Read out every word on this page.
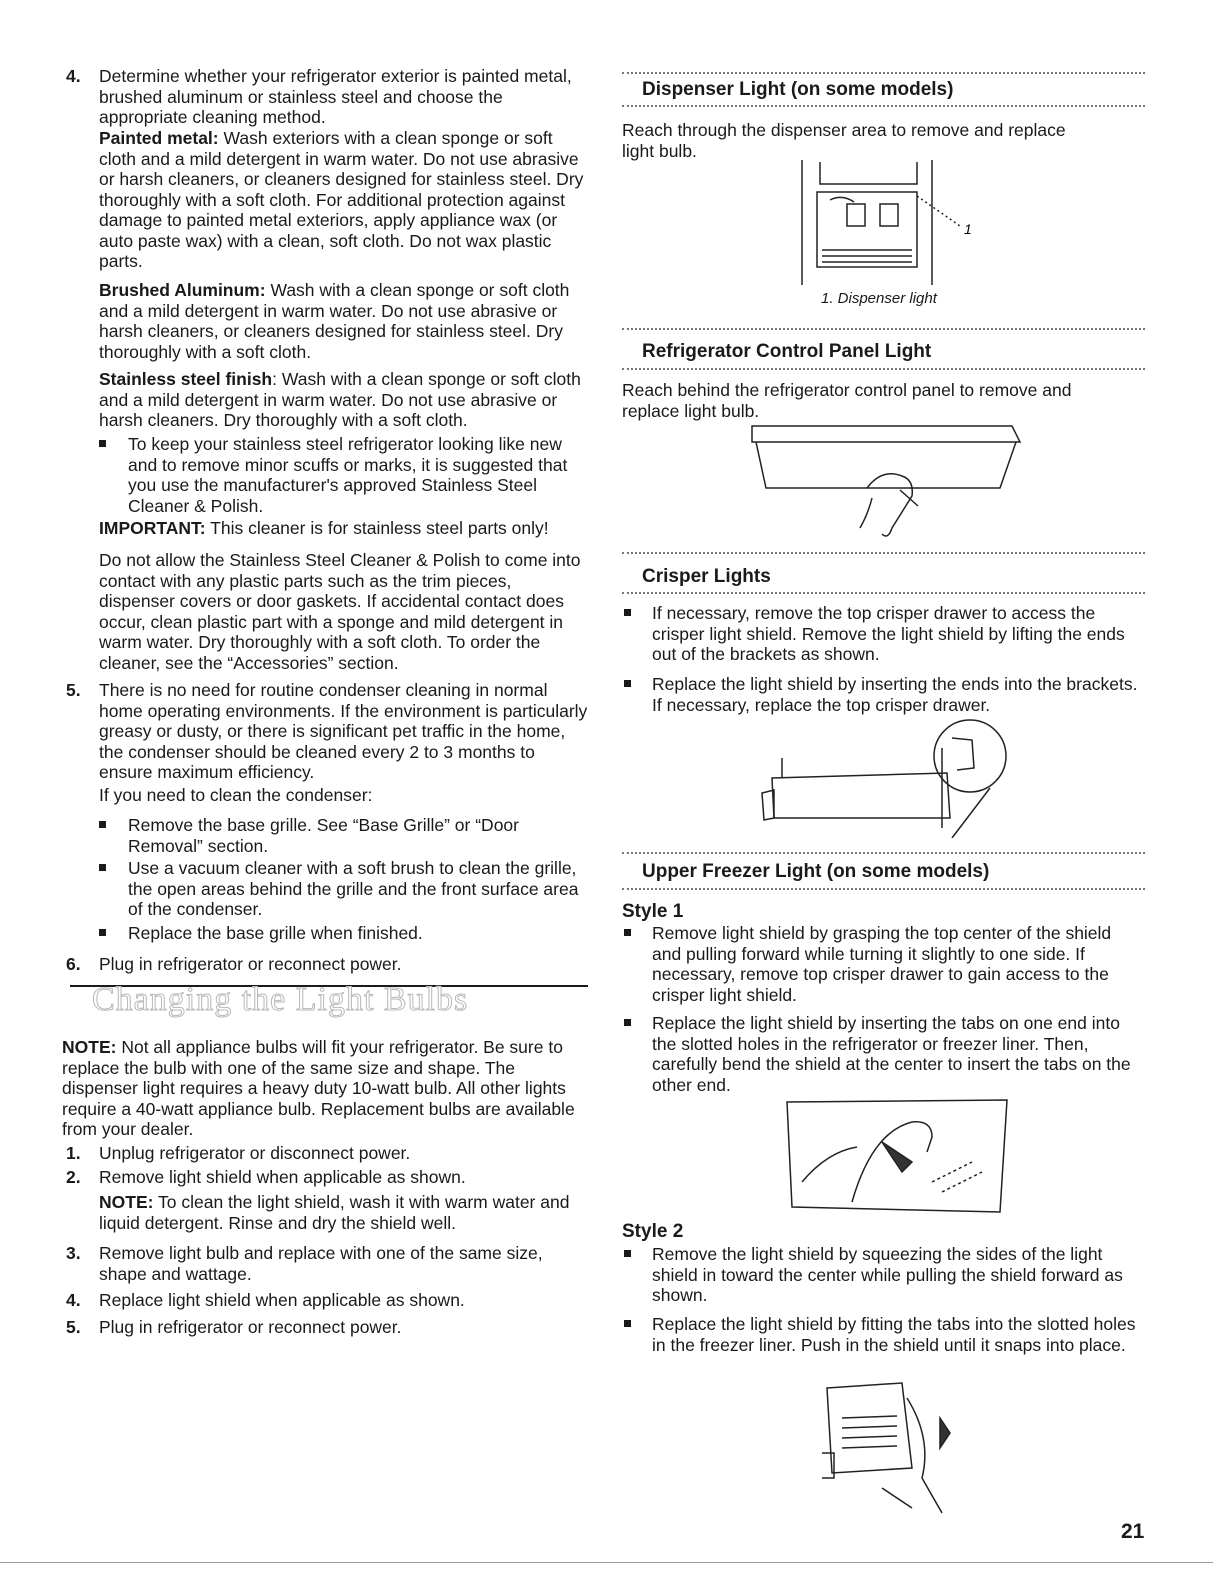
4. Determine whether your refrigerator exterior is painted metal, brushed aluminum or stainless steel and choose the appropriate cleaning method.

Painted metal: Wash exteriors with a clean sponge or soft cloth and a mild detergent in warm water. Do not use abrasive or harsh cleaners, or cleaners designed for stainless steel. Dry thoroughly with a soft cloth. For additional protection against damage to painted metal exteriors, apply appliance wax (or auto paste wax) with a clean, soft cloth. Do not wax plastic parts.

Brushed Aluminum: Wash with a clean sponge or soft cloth and a mild detergent in warm water. Do not use abrasive or harsh cleaners, or cleaners designed for stainless steel. Dry thoroughly with a soft cloth.

Stainless steel finish: Wash with a clean sponge or soft cloth and a mild detergent in warm water. Do not use abrasive or harsh cleaners. Dry thoroughly with a soft cloth.

To keep your stainless steel refrigerator looking like new and to remove minor scuffs or marks, it is suggested that you use the manufacturer's approved Stainless Steel Cleaner & Polish.

IMPORTANT: This cleaner is for stainless steel parts only!

Do not allow the Stainless Steel Cleaner & Polish to come into contact with any plastic parts such as the trim pieces, dispenser covers or door gaskets. If accidental contact does occur, clean plastic part with a sponge and mild detergent in warm water. Dry thoroughly with a soft cloth. To order the cleaner, see the “Accessories” section.

5. There is no need for routine condenser cleaning in normal home operating environments. If the environment is particularly greasy or dusty, or there is significant pet traffic in the home, the condenser should be cleaned every 2 to 3 months to ensure maximum efficiency.

If you need to clean the condenser:

Remove the base grille. See “Base Grille” or “Door Removal” section.

Use a vacuum cleaner with a soft brush to clean the grille, the open areas behind the grille and the front surface area of the condenser.

Replace the base grille when finished.

6. Plug in refrigerator or reconnect power.

Changing the Light Bulbs

NOTE: Not all appliance bulbs will fit your refrigerator. Be sure to replace the bulb with one of the same size and shape. The dispenser light requires a heavy duty 10-watt bulb. All other lights require a 40-watt appliance bulb. Replacement bulbs are available from your dealer.

1. Unplug refrigerator or disconnect power.

2. Remove light shield when applicable as shown.

NOTE: To clean the light shield, wash it with warm water and liquid detergent. Rinse and dry the shield well.

3. Remove light bulb and replace with one of the same size, shape and wattage.

4. Replace light shield when applicable as shown.

5. Plug in refrigerator or reconnect power.

Dispenser Light (on some models)

Reach through the dispenser area to remove and replace light bulb.

1
1. Dispenser light
Refrigerator Control Panel Light

Reach behind the refrigerator control panel to remove and replace light bulb.

Crisper Lights

If necessary, remove the top crisper drawer to access the crisper light shield. Remove the light shield by lifting the ends out of the brackets as shown.

Replace the light shield by inserting the ends into the brackets. If necessary, replace the top crisper drawer.

Upper Freezer Light (on some models)
Style 1

Remove light shield by grasping the top center of the shield and pulling forward while turning it slightly to one side. If necessary, remove top crisper drawer to gain access to the crisper light shield.

Replace the light shield by inserting the tabs on one end into the slotted holes in the refrigerator or freezer liner. Then, carefully bend the shield at the center to insert the tabs on the other end.

Style 2

Remove the light shield by squeezing the sides of the light shield in toward the center while pulling the shield forward as shown.

Replace the light shield by fitting the tabs into the slotted holes in the freezer liner. Push in the shield until it snaps into place.

21
